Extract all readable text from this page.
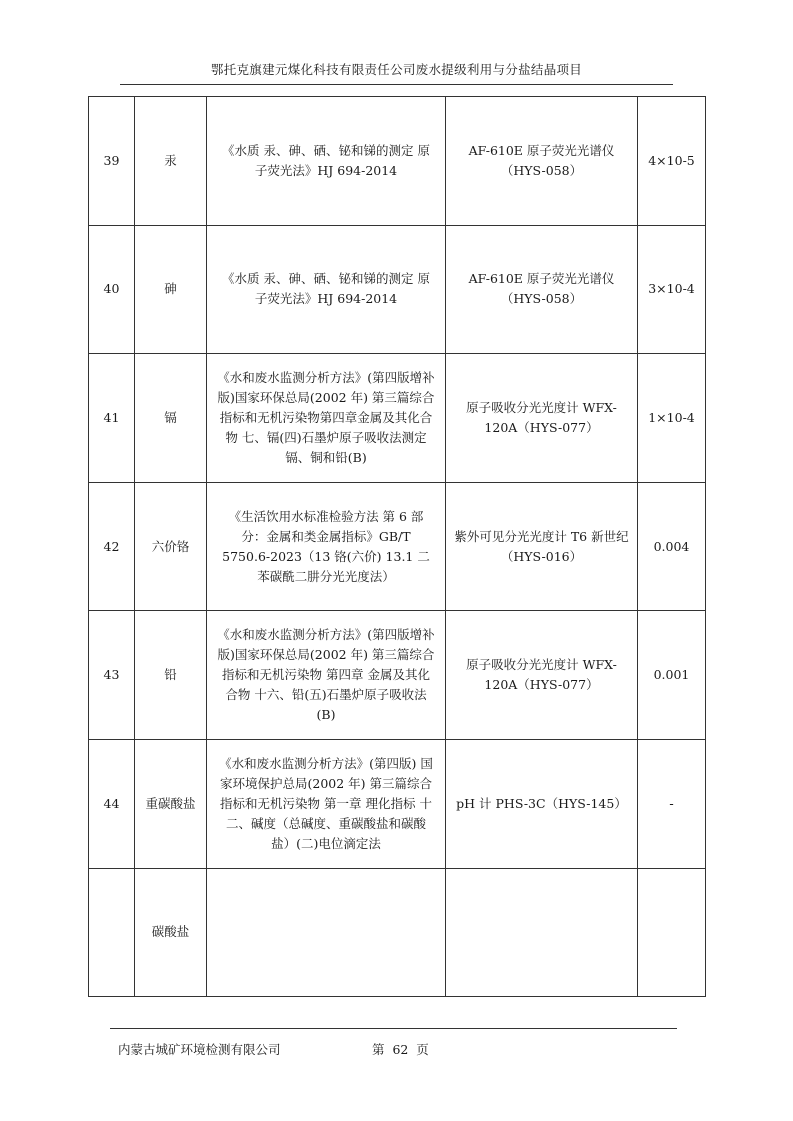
鄂托克旗建元煤化科技有限责任公司废水提级利用与分盐结晶项目
39	汞	《水质 汞、砷、硒、铋和锑的测定 原子荧光法》HJ 694-2014	AF-610E 原子荧光光谱仪（HYS-058）	4×10-5
40	砷	《水质 汞、砷、硒、铋和锑的测定 原子荧光法》HJ 694-2014	AF-610E 原子荧光光谱仪（HYS-058）	3×10-4
41	镉	《水和废水监测分析方法》(第四版增补版)国家环保总局(2002 年) 第三篇综合指标和无机污染物第四章金属及其化合物 七、镉(四)石墨炉原子吸收法测定镉、铜和铅(B)	原子吸收分光光度计 WFX-120A（HYS-077）	1×10-4
42	六价铬	《生活饮用水标准检验方法 第 6 部分：金属和类金属指标》GB/T 5750.6-2023（13 铬(六价) 13.1 二苯碳酰二肼分光光度法）	紫外可见分光光度计 T6 新世纪（HYS-016）	0.004
43	铅	《水和废水监测分析方法》(第四版增补版)国家环保总局(2002 年) 第三篇综合指标和无机污染物 第四章 金属及其化合物 十六、铅(五)石墨炉原子吸收法(B)	原子吸收分光光度计 WFX-120A（HYS-077）	0.001
44	重碳酸盐	《水和废水监测分析方法》(第四版) 国家环境保护总局(2002 年) 第三篇综合指标和无机污染物 第一章 理化指标 十二、碱度（总碱度、重碳酸盐和碳酸盐）(二)电位滴定法	pH 计 PHS-3C（HYS-145）	-
	碳酸盐			
内蒙古城矿环境检测有限公司	第  62  页
